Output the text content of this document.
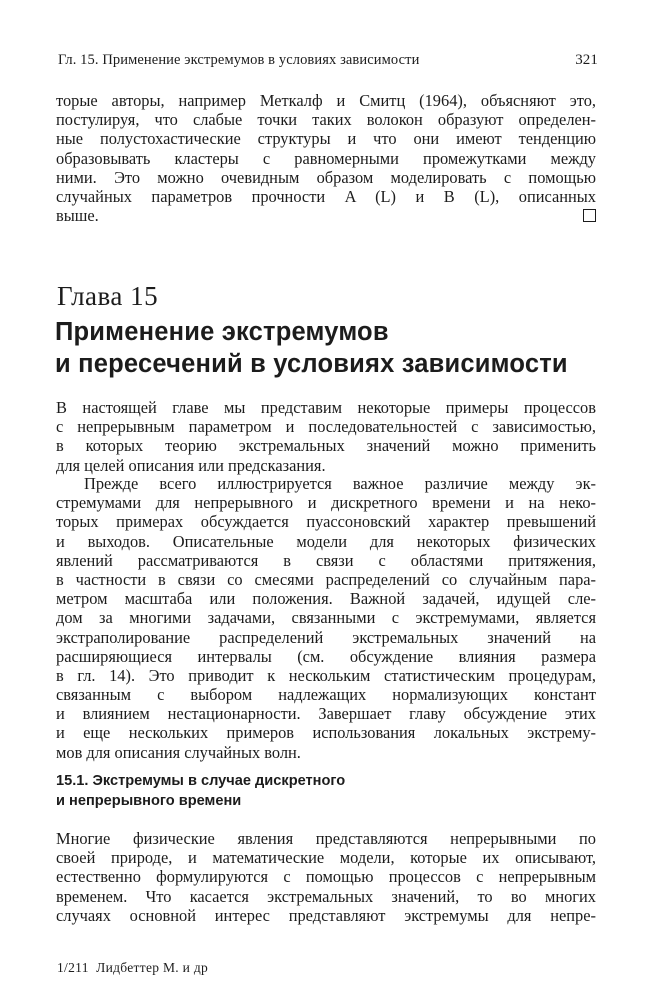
Гл. 15. Применение экстремумов в условиях зависимости	321
торые авторы, например Меткалф и Смитц (1964), объясняют это,
постулируя, что слабые точки таких волокон образуют определен-
ные полустохастические структуры и что они имеют тенденцию
образовывать кластеры с равномерными промежутками между
ними. Это можно очевидным образом моделировать с помощью
случайных параметров прочности A (L) и B (L), описанных
выше.
Глава 15
Применение экстремумов
и пересечений в условиях зависимости
В настоящей главе мы представим некоторые примеры процессов
с непрерывным параметром и последовательностей с зависимостью,
в которых теорию экстремальных значений можно применить
для целей описания или предсказания.
Прежде всего иллюстрируется важное различие между эк-
стремумами для непрерывного и дискретного времени и на неко-
торых примерах обсуждается пуассоновский характер превышений
и выходов. Описательные модели для некоторых физических
явлений рассматриваются в связи с областями притяжения,
в частности в связи со смесями распределений со случайным пара-
метром масштаба или положения. Важной задачей, идущей сле-
дом за многими задачами, связанными с экстремумами, является
экстраполирование распределений экстремальных значений на
расширяющиеся интервалы (см. обсуждение влияния размера
в гл. 14). Это приводит к нескольким статистическим процедурам,
связанным с выбором надлежащих нормализующих констант
и влиянием нестационарности. Завершает главу обсуждение этих
и еще нескольких примеров использования локальных экстрему-
мов для описания случайных волн.
15.1. Экстремумы в случае дискретного
и непрерывного времени
Многие физические явления представляются непрерывными по
своей природе, и математические модели, которые их описывают,
естественно формулируются с помощью процессов с непрерывным
временем. Что касается экстремальных значений, то во многих
случаях основной интерес представляют экстремумы для непре-
1/211 Лидбеттер М. и др
